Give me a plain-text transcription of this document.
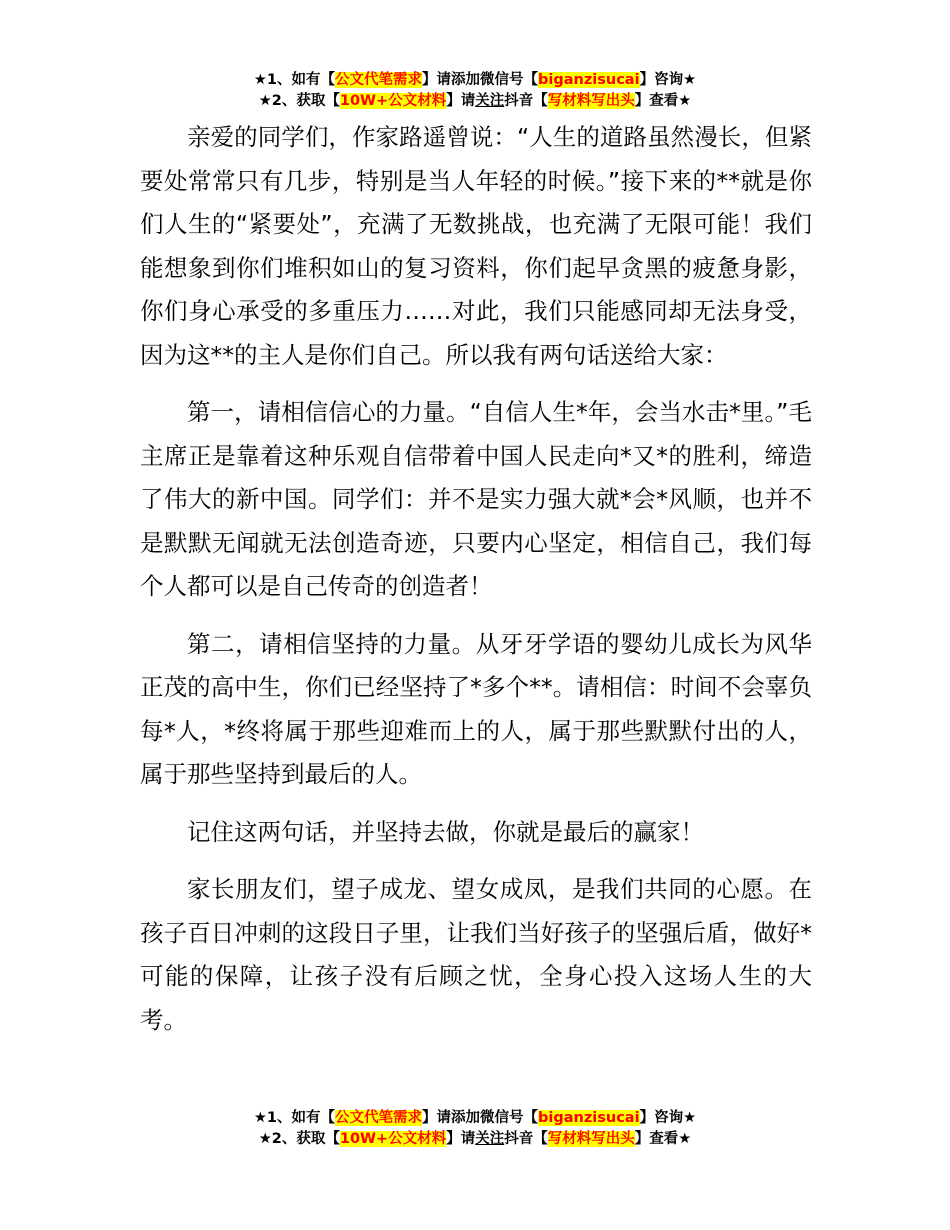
★1、如有【公文代笔需求】请添加微信号【biganzisucai】咨询★
★2、获取【10W+公文材料】请关注抖音【写材料写出头】查看★

亲爱的同学们，作家路遥曾说：“人生的道路虽然漫长，但紧要处常常只有几步，特别是当人年轻的时候。”接下来的**就是你们人生的“紧要处”，充满了无数挑战，也充满了无限可能！我们能想象到你们堆积如山的复习资料，你们起早贪黑的疲惫身影，你们身心承受的多重压力……对此，我们只能感同却无法身受，因为这**的主人是你们自己。所以我有两句话送给大家：

第一，请相信信心的力量。“自信人生*年，会当水击*里。”毛主席正是靠着这种乐观自信带着中国人民走向*又*的胜利，缔造了伟大的新中国。同学们：并不是实力强大就*会*风顺，也并不是默默无闻就无法创造奇迹，只要内心坚定，相信自己，我们每个人都可以是自己传奇的创造者！

第二，请相信坚持的力量。从牙牙学语的婴幼儿成长为风华正茂的高中生，你们已经坚持了*多个**。请相信：时间不会辜负每*人，*终将属于那些迎难而上的人，属于那些默默付出的人，属于那些坚持到最后的人。

记住这两句话，并坚持去做，你就是最后的赢家！

家长朋友们，望子成龙、望女成凤，是我们共同的心愿。在孩子百日冲刺的这段日子里，让我们当好孩子的坚强后盾，做好*可能的保障，让孩子没有后顾之忧，全身心投入这场人生的大考。

★1、如有【公文代笔需求】请添加微信号【biganzisucai】咨询★
★2、获取【10W+公文材料】请关注抖音【写材料写出头】查看★
